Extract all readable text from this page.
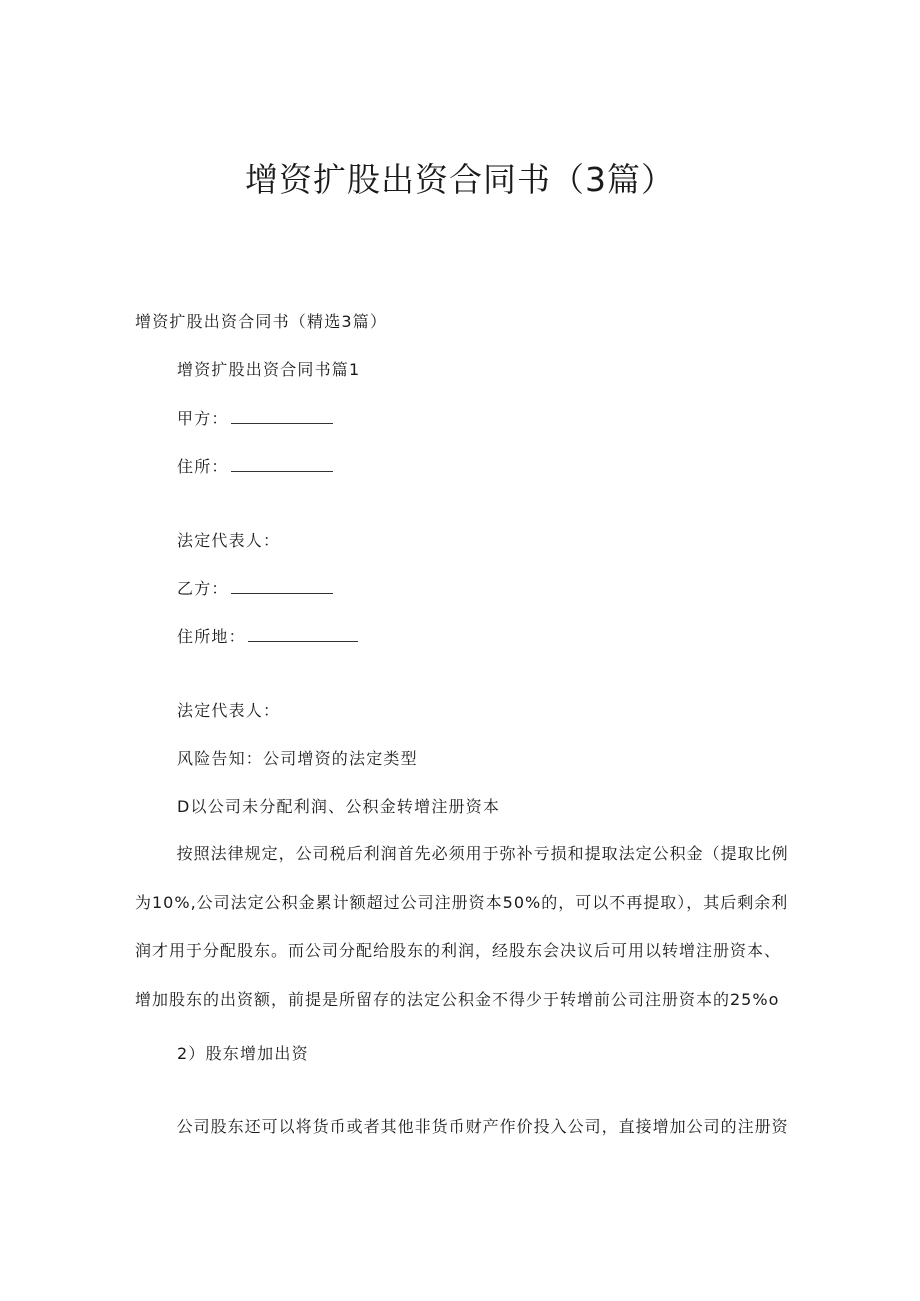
增资扩股出资合同书（3篇）
增资扩股出资合同书（精选3篇）
增资扩股出资合同书篇1
甲方：
住所：
法定代表人：
乙方：
住所地：
法定代表人：
风险告知：公司增资的法定类型
D以公司未分配利润、公积金转增注册资本
按照法律规定，公司税后利润首先必须用于弥补亏损和提取法定公积金（提取比例为10%,公司法定公积金累计额超过公司注册资本50%的，可以不再提取），其后剩余利润才用于分配股东。而公司分配给股东的利润，经股东会决议后可用以转增注册资本、增加股东的出资额，前提是所留存的法定公积金不得少于转增前公司注册资本的25%o
2）股东增加出资
公司股东还可以将货币或者其他非货币财产作价投入公司，直接增加公司的注册资
